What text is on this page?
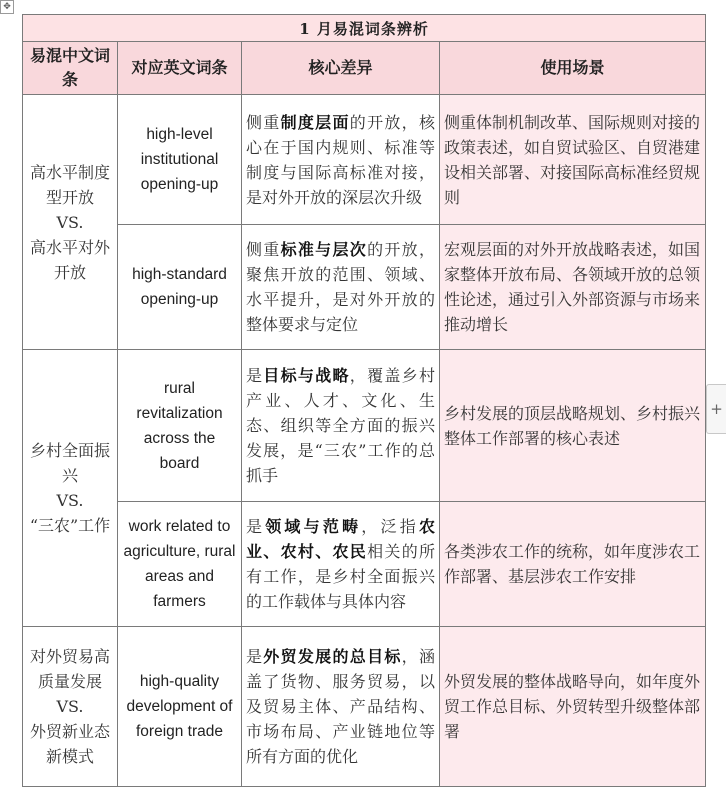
✥
1 月易混词条辨析			
易混中文词条	对应英文词条	核心差异	使用场景
高水平制度型开放
VS.
高水平对外开放	high-level institutional opening-up	侧重制度层面的开放，核心在于国内规则、标准等制度与国际高标准对接，是对外开放的深层次升级	侧重体制机制改革、国际规则对接的政策表述，如自贸试验区、自贸港建设相关部署、对接国际高标准经贸规则
	high-standard opening-up	侧重标准与层次的开放，聚焦开放的范围、领域、水平提升，是对外开放的整体要求与定位	宏观层面的对外开放战略表述，如国家整体开放布局、各领域开放的总领性论述，通过引入外部资源与市场来推动增长
乡村全面振兴
VS.
“三农”工作	rural revitalization across the board	是目标与战略，覆盖乡村产业、人才、文化、生态、组织等全方面的振兴发展，是“三农”工作的总抓手	乡村发展的顶层战略规划、乡村振兴整体工作部署的核心表述
	work related to agriculture, rural areas and farmers	是领域与范畴，泛指农业、农村、农民相关的所有工作，是乡村全面振兴的工作载体与具体内容	各类涉农工作的统称，如年度涉农工作部署、基层涉农工作安排
对外贸易高质量发展
VS.
外贸新业态新模式	high-quality development of foreign trade	是外贸发展的总目标，涵盖了货物、服务贸易，以及贸易主体、产品结构、市场布局、产业链地位等所有方面的优化	外贸发展的整体战略导向，如年度外贸工作总目标、外贸转型升级整体部署
+
